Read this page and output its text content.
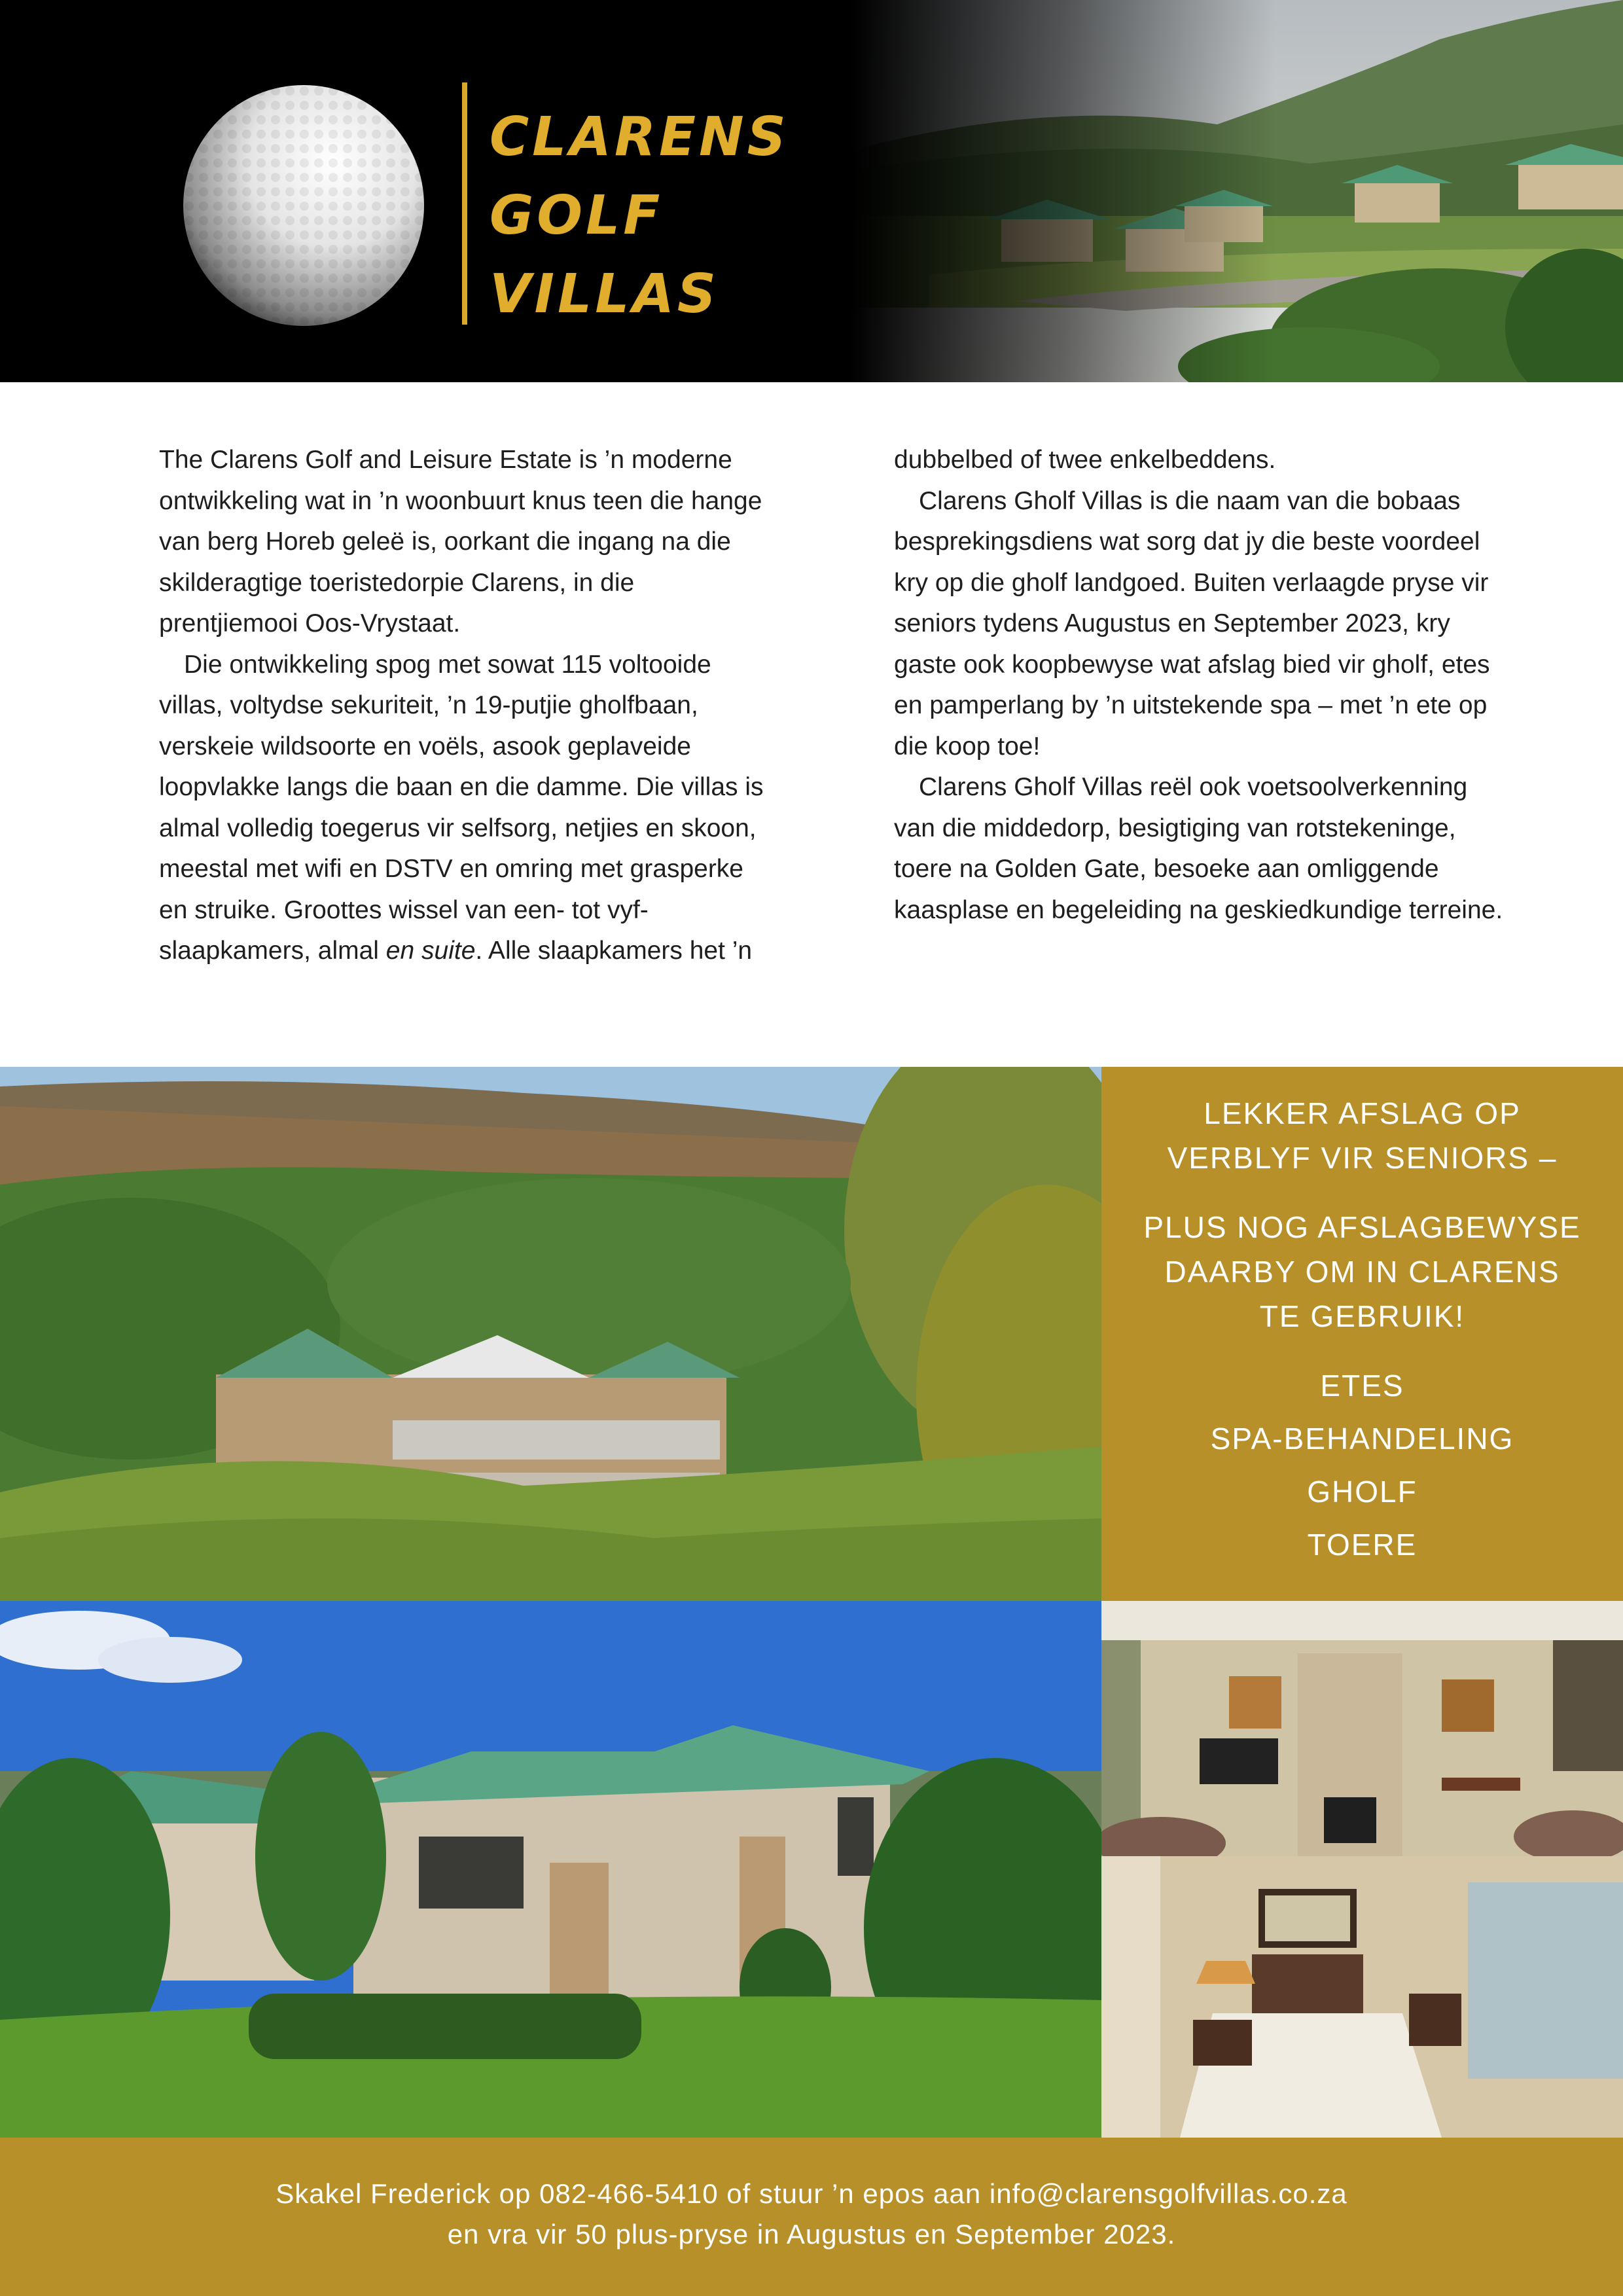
CLARENS
GOLF
VILLAS

The Clarens Golf and Leisure Estate is ’n moderne ontwikkeling wat in ’n woonbuurt knus teen die hange van berg Horeb geleë is, oorkant die ingang na die skilderagtige toeristedorpie Clarens, in die prentjiemooi Oos-Vrystaat.

Die ontwikkeling spog met sowat 115 voltooide villas, voltydse sekuriteit, ’n 19-putjie gholfbaan, verskeie wildsoorte en voëls, asook geplaveide loopvlakke langs die baan en die damme. Die villas is almal volledig toegerus vir selfsorg, netjies en skoon, meestal met wifi en DSTV en omring met grasperke en struike. Groottes wissel van een- tot vyf-slaapkamers, almal en suite. Alle slaapkamers het ’n

dubbelbed of twee enkelbeddens.

Clarens Gholf Villas is die naam van die bobaas besprekingsdiens wat sorg dat jy die beste voordeel kry op die gholf landgoed. Buiten verlaagde pryse vir seniors tydens Augustus en September 2023, kry gaste ook koopbewyse wat afslag bied vir gholf, etes en pamperlang by ’n uitstekende spa – met ’n ete op die koop toe!

Clarens Gholf Villas reël ook voetsoolverkenning van die middedorp, besigtiging van rotstekeninge, toere na Golden Gate, besoeke aan omliggende kaasplase en begeleiding na geskiedkundige terreine.

LEKKER AFSLAG OP
VERBLYF VIR SENIORS –
PLUS NOG AFSLAGBEWYSE
DAARBY OM IN CLARENS
TE GEBRUIK!
ETES
SPA-BEHANDELING
GHOLF
TOERE
Skakel Frederick op 082-466-5410 of stuur ’n epos aan info@clarensgolfvillas.co.za
en vra vir 50 plus-pryse in Augustus en September 2023.
